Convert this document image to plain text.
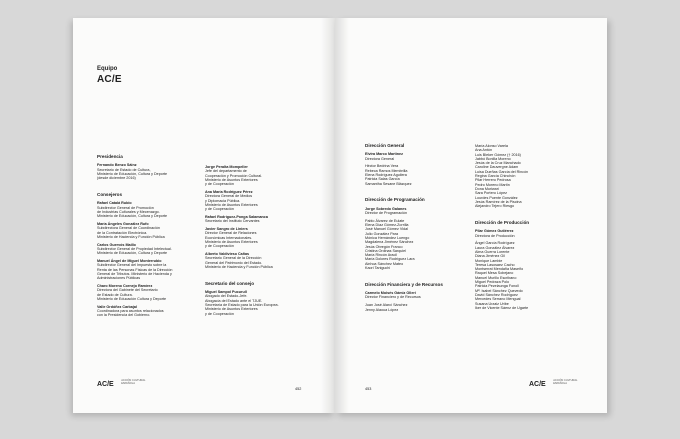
Equipo
AC/E
Presidencia
Fernando Benzo Sáinz
Secretario de Estado de Cultura,
Ministerio de Educación, Cultura y Deporte
(desde diciembre 2016)
Consejeros
Rafael Catalá Rubio
Subdirector General de Promoción
de Industrias Culturales y Mecenazgo.
Ministerio de Educación, Cultura y Deporte
María Ángeles González Rufo
Subdirectora General de Coordinación
de la Contratación Electrónica.
Ministerio de Hacienda y Función Pública
Carlos Guervós Maíllo
Subdirector General de Propiedad Intelectual.
Ministerio de Educación, Cultura y Deporte
Manuel Ángel de Miguel Monterrubio
Subdirector General del Impuesto sobre la
Renta de las Personas Físicas de la Dirección
General de Tributos. Ministerio de Hacienda y
Administraciones Públicas
Charo Moreno Cornejo Ramírez
Directora del Gabinete del Secretario
de Estado de Cultura.
Ministerio de Educación Cultura y Deporte
Valle Ordóñez Carbajal
Coordinadora para asuntos relacionados
con la Presidencia del Gobierno.
Jorge Peralta Mompeller
Jefe del departamento de
Cooperación y Promoción Cultural.
Ministerio de Asuntos Exteriores
y de Cooperación
Ana María Rodríguez Pérez
Directora General de Medios
y Diplomacia Pública.
Ministerio de Asuntos Exteriores
y de Cooperación
Rafael Rodríguez-Ponga Salamanca
Secretario del Instituto Cervantes
Javier Sangro de Liniers
Director General de Relaciones
Económicas Internacionales.
Ministerio de Asuntos Exteriores
y de Cooperación
Alberto Valdivieso Cañas
Secretario General de la Dirección
General del Patrimonio del Estado.
Ministerio de Hacienda y Función Pública
Secretario del consejo
Miguel Sampol Pucurull
Abogado del Estado-Jefe.
Abogacía del Estado ante el TJUE.
Secretaría de Estado para la Unión Europea.
Ministerio de Asuntos Exteriores
y de Cooperación
AC/E
ACCIÓN CULTURAL
ESPAÑOLA
452
Dirección General
Elvira Marco Martínez
Directora General
Héctor Bedrina Vera
Rebeca Ramos Membrilla
Elena Rodríguez Aguilera
Patricia Salas García
Samantha Sesane Blázquez
Dirección de Programación
Jorge Sobredo Galanes
Director de Programación
Pablo Álvarez de Eulate
Elena Díaz Gómez-Zorrilla
José Manuel Gómez Vidal
Julio González Para
Mónica Hernández Luengo
Magdalena Jiménez Sánchez
Jesús Obregón Franco
Cristina Ordinas Sarquiel
María Rincón Aracil
María Dolores Rodríguez Lara
Ainhoa Sánchez Mateo
Kaori Taniguchi
Dirección Financiera y de Recursos
Carmelo Moisés Gámiz Olleri
Director Financiero y de Recursos
Juan José Alarcí Sánchez
Jenny Alaoua López
María Alonso Varela
Ana Antón
Luis Bleker Gómez († 2016)
Jabbó Bonilla Moreno
Jesús de la Cruz Manchado
Caroline Dauvergne Adam
Luisa Dueñas García del Rincón
Regina García Chinchón
Pilar Herrero Pedrosa
Pedro Moreno Martín
Dona Muriwari
Sara Portero López
Lourdes Puente González
Jesús Ramírez de la Piscina
Alejandro Tejero Riesgo
Dirección de Producción
Pilar Gómez Gutiérrez
Directora de Producción
Ángel García Rodríguez
Laura González Álvarez
Alma Guerra Lorente
Diana Jiménez Gil
Monique Lambie
Teresa Lasosaez Cacho
Montserrat Mendaña Maseño
Raquel Mesa Sobejano
Manuel Murillo Escribano
Miguel Pedraza Polo
Patricia Pezelaunga Fonoll
Mª. Isabel Sánchez Quevedo
David Sánchez Rodríguez
Mercedes Serrano Mengual
Susana Urzaiz Uribe
Iker de Vicente Sáenz de Ugarte
453
AC/E
ACCIÓN CULTURAL
ESPAÑOLA
